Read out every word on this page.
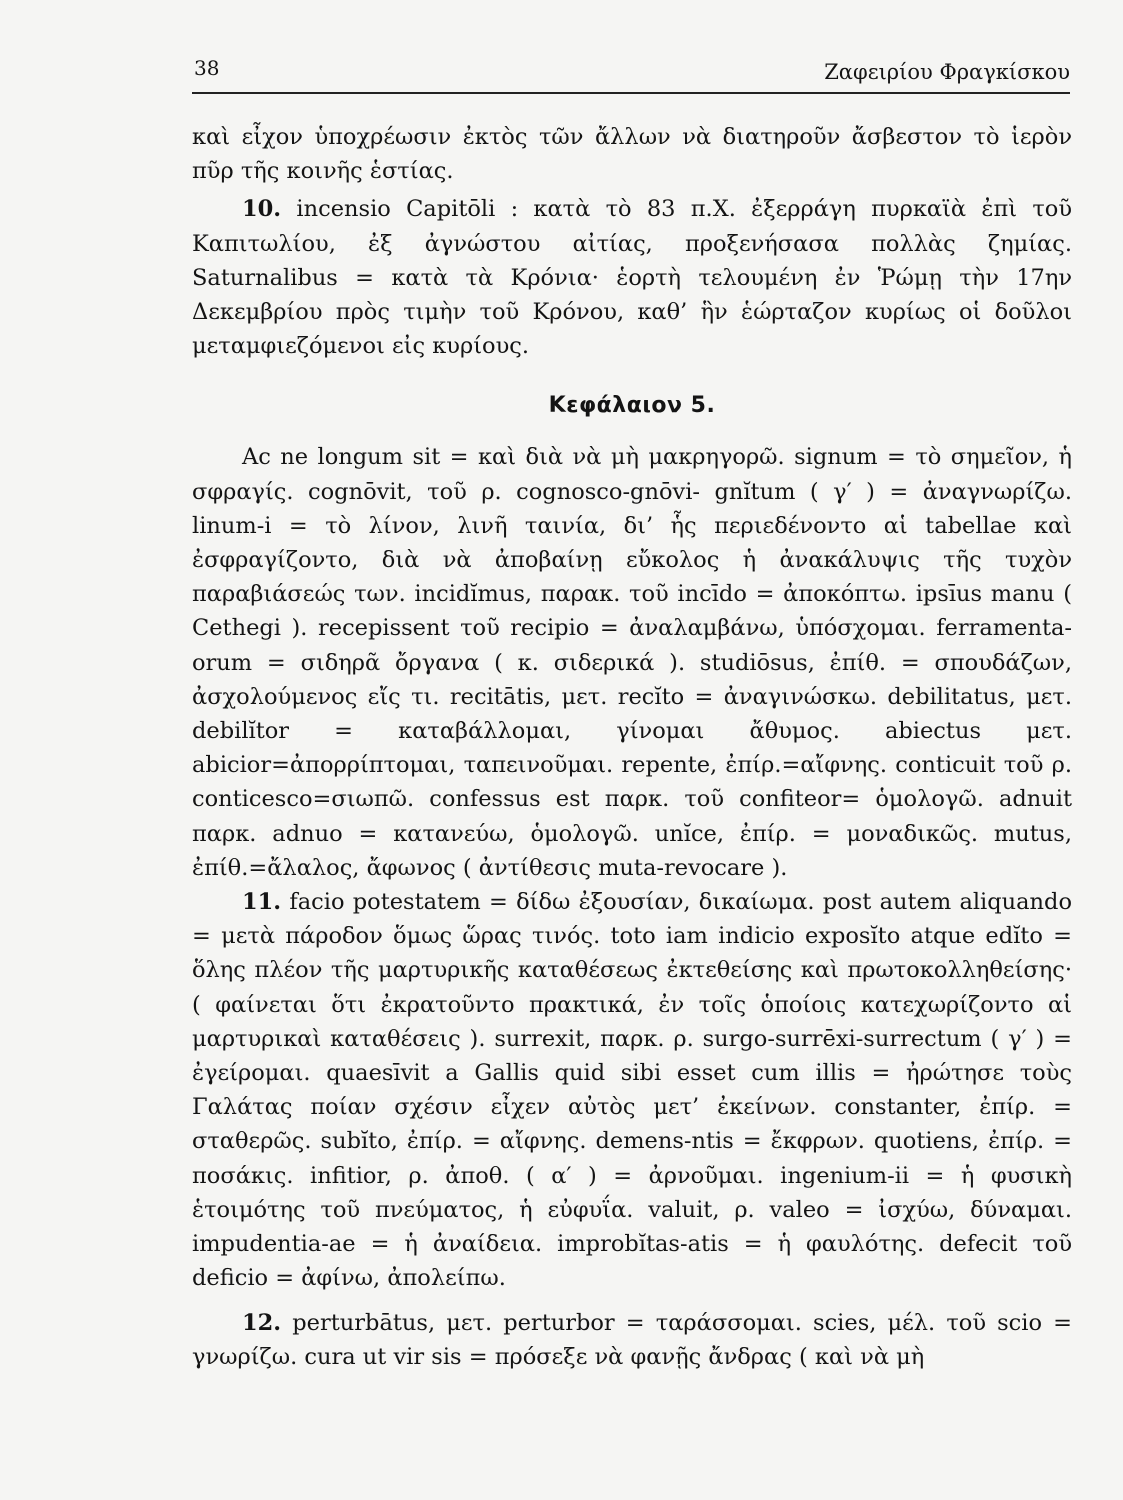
38	Ζαφειρίου Φραγκίσκου

καὶ εἶχον ὑποχρέωσιν ἐκτὸς τῶν ἄλλων νὰ διατηροῦν ἄσβεστον τὸ ἱερὸν πῦρ τῆς κοινῆς ἑστίας.

10. incensio Capitōli : κατὰ τὸ 83 π.Χ. ἐξερράγη πυρκαϊὰ ἐπὶ τοῦ Καπιτωλίου, ἐξ ἀγνώστου αἰτίας, προξενήσασα πολλὰς ζημίας. Saturnalibus = κατὰ τὰ Κρόνια· ἑορτὴ τελουμένη ἐν Ῥώμῃ τὴν 17ην Δεκεμβρίου πρὸς τιμὴν τοῦ Κρόνου, καθ’ ἣν ἑώρταζον κυρίως οἱ δοῦλοι μεταμφιεζόμενοι εἰς κυρίους.

Κεφάλαιον 5.

Ac ne longum sit = καὶ διὰ νὰ μὴ μακρηγορῶ. signum = τὸ σημεῖον, ἡ σφραγίς. cognōvit, τοῦ ρ. cognosco-gnōvi- gnĭtum ( γ′ ) = ἀναγνωρίζω. linum-i = τὸ λίνον, λινῆ ταινία, δι’ ἧς περιεδένοντο αἱ tabellae καὶ ἐσφραγίζοντο, διὰ νὰ ἀποβαίνῃ εὔκολος ἡ ἀνακάλυψις τῆς τυχὸν παραβιάσεώς των. incidĭmus, παρακ. τοῦ incīdo = ἀποκόπτω. ipsīus manu ( Cethegi ). recepissent τοῦ recipio = ἀναλαμβάνω, ὑπόσχομαι. ferramenta-orum = σιδηρᾶ ὄργανα ( κ. σιδερικά ). studiōsus, ἐπίθ. = σπουδάζων, ἀσχολούμενος εἴς τι. recitātis, μετ. recĭto = ἀναγινώσκω. debilitatus, μετ. debilĭtor = καταβάλλομαι, γίνομαι ἄθυμος. abiectus μετ. abicior=ἀπορρίπτομαι, ταπεινοῦμαι. repente, ἐπίρ.=αἴφνης. conticuit τοῦ ρ. conticesco=σιωπῶ. confessus est παρκ. τοῦ confiteor= ὁμολογῶ. adnuit παρκ. adnuo = κατανεύω, ὁμολογῶ. unĭce, ἐπίρ. = μοναδικῶς. mutus, ἐπίθ.=ἄλαλος, ἄφωνος ( ἀντίθεσις muta-revocare ).

11. facio potestatem = δίδω ἐξουσίαν, δικαίωμα. post autem aliquando = μετὰ πάροδον ὅμως ὥρας τινός. toto iam indicio exposĭto atque edĭto = ὅλης πλέον τῆς μαρτυρικῆς καταθέσεως ἐκτεθείσης καὶ πρωτοκολληθείσης· ( φαίνεται ὅτι ἐκρατοῦντο πρακτικά, ἐν τοῖς ὁποίοις κατεχωρίζοντο αἱ μαρτυρικαὶ καταθέσεις ). surrexit, παρκ. ρ. surgo-surrēxi-surrectum ( γ′ ) = ἐγείρομαι. quaesīvit a Gallis quid sibi esset cum illis = ἠρώτησε τοὺς Γαλάτας ποίαν σχέσιν εἶχεν αὐτὸς μετ’ ἐκείνων. constanter, ἐπίρ. = σταθερῶς. subĭto, ἐπίρ. = αἴφνης. demens-ntis = ἔκφρων. quotiens, ἐπίρ. = ποσάκις. infitior, ρ. ἀποθ. ( α′ ) = ἀρνοῦμαι. ingenium-ii = ἡ φυσικὴ ἑτοιμότης τοῦ πνεύματος, ἡ εὐφυΐα. valuit, ρ. valeo = ἰσχύω, δύναμαι. impudentia-ae = ἡ ἀναίδεια. improbĭtas-atis = ἡ φαυλότης. defecit τοῦ deficio = ἀφίνω, ἀπολείπω.

12. perturbātus, μετ. perturbor = ταράσσομαι. scies, μέλ. τοῦ scio = γνωρίζω. cura ut vir sis = πρόσεξε νὰ φανῇς ἄνδρας ( καὶ νὰ μὴ
